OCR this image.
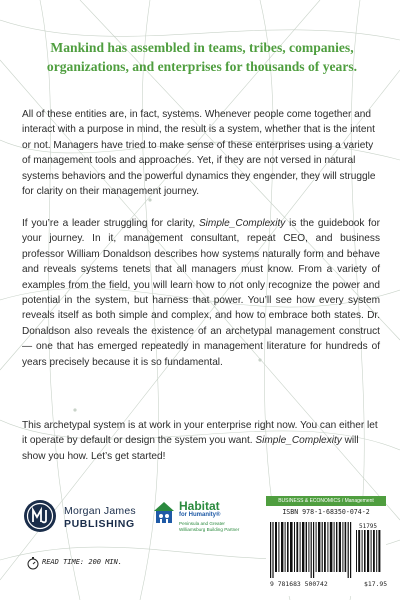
Mankind has assembled in teams, tribes, companies, organizations, and enterprises for thousands of years.

All of these entities are, in fact, systems. Whenever people come together and interact with a purpose in mind, the result is a system, whether that is the intent or not. Managers have tried to make sense of these enterprises using a variety of management tools and approaches. Yet, if they are not versed in natural systems behaviors and the powerful dynamics they engender, they will struggle for clarity on their management journey.

If you’re a leader struggling for clarity, Simple_Complexity is the guidebook for your journey. In it, management consultant, repeat CEO, and business professor William Donaldson describes how systems naturally form and behave and reveals systems tenets that all managers must know. From a variety of examples from the field, you will learn how to not only recognize the power and potential in the system, but harness that power. You’ll see how every system reveals itself as both simple and complex, and how to embrace both states. Dr. Donaldson also reveals the existence of an archetypal management construct — one that has emerged repeatedly in management literature for hundreds of years precisely because it is so fundamental.

This archetypal system is at work in your enterprise right now. You can either let it operate by default or design the system you want. Simple_Complexity will show you how. Let’s get started!

Morgan James
PUBLISHING
READ TIME: 200 MIN.
Habitat
for Humanity®
Peninsula and Greater
Williamsburg Building Partner
BUSINESS & ECONOMICS / Management
ISBN 978-1-68350-074-2
51795
9 781683 500742	$17.95
